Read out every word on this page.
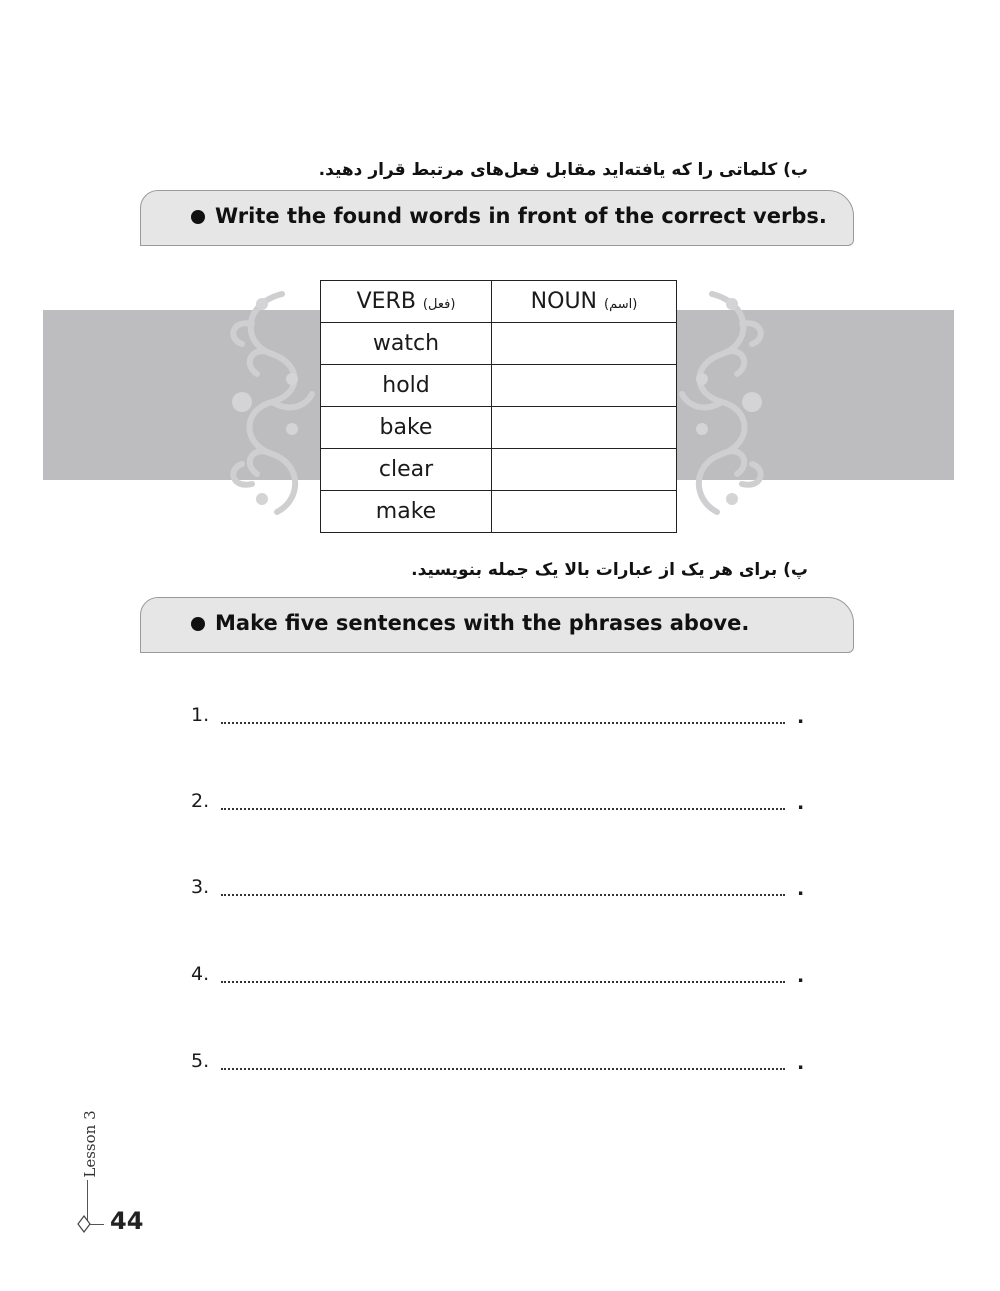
ب) کلماتی را که یافته‌اید مقابل فعل‌های مرتبط قرار دهید.
Write the found words in front of the correct verbs.
VERB (فعل)	NOUN (اسم)
watch	
hold	
bake	
clear	
make	
پ) برای هر یک از عبارات بالا یک جمله بنویسید.
Make five sentences with the phrases above.
1.	.
2.	.
3.	.
4.	.
5.	.
Lesson 3
44
